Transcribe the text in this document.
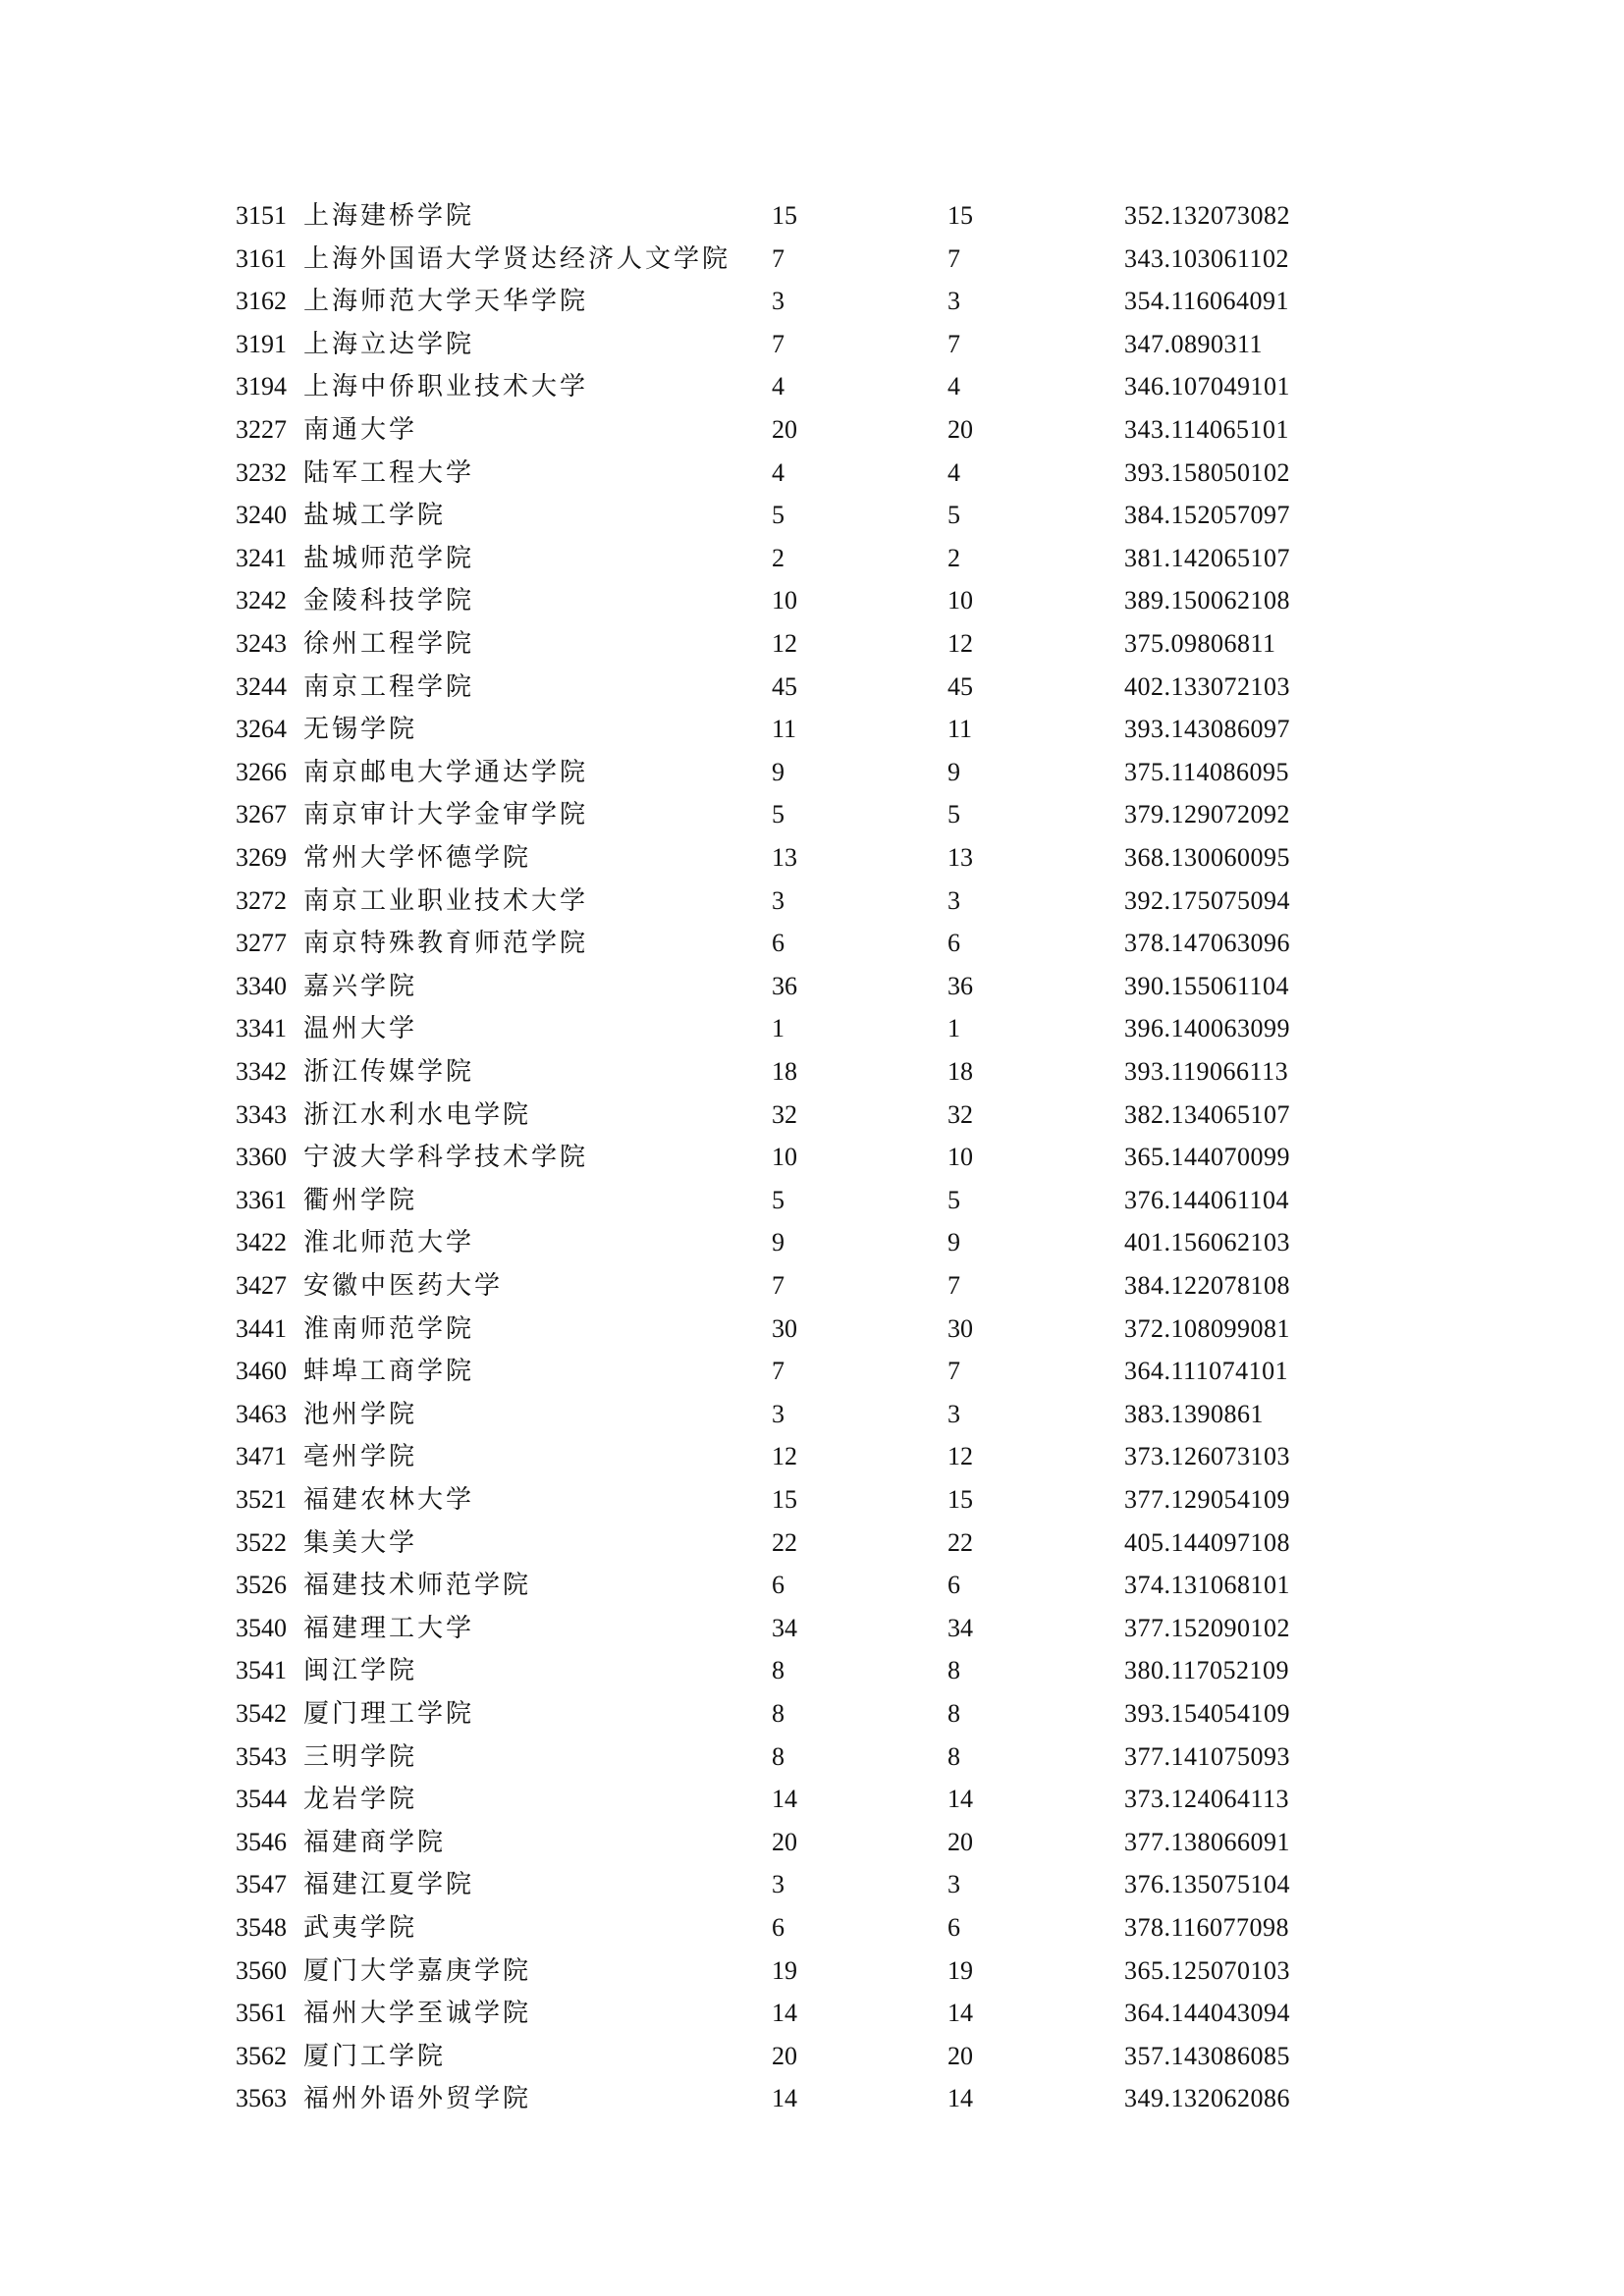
3151 上海建桥学院	15	15	352.132073082
3161 上海外国语大学贤达经济人文学院 7	7	343.103061102
3162 上海师范大学天华学院	3	3	354.116064091
3191 上海立达学院	7	7	347.0890311
3194 上海中侨职业技术大学	4	4	346.107049101
3227 南通大学	20	20	343.114065101
3232 陆军工程大学	4	4	393.158050102
3240 盐城工学院	5	5	384.152057097
3241 盐城师范学院	2	2	381.142065107
3242 金陵科技学院	10	10	389.150062108
3243 徐州工程学院	12	12	375.09806811
3244 南京工程学院	45	45	402.133072103
3264 无锡学院	11	11	393.143086097
3266 南京邮电大学通达学院	9	9	375.114086095
3267 南京审计大学金审学院	5	5	379.129072092
3269 常州大学怀德学院	13	13	368.130060095
3272 南京工业职业技术大学	3	3	392.175075094
3277 南京特殊教育师范学院	6	6	378.147063096
3340 嘉兴学院	36	36	390.155061104
3341 温州大学	1	1	396.140063099
3342 浙江传媒学院	18	18	393.119066113
3343 浙江水利水电学院	32	32	382.134065107
3360 宁波大学科学技术学院	10	10	365.144070099
3361 衢州学院	5	5	376.144061104
3422 淮北师范大学	9	9	401.156062103
3427 安徽中医药大学	7	7	384.122078108
3441 淮南师范学院	30	30	372.108099081
3460 蚌埠工商学院	7	7	364.111074101
3463 池州学院	3	3	383.1390861
3471 亳州学院	12	12	373.126073103
3521 福建农林大学	15	15	377.129054109
3522 集美大学	22	22	405.144097108
3526 福建技术师范学院	6	6	374.131068101
3540 福建理工大学	34	34	377.152090102
3541 闽江学院	8	8	380.117052109
3542 厦门理工学院	8	8	393.154054109
3543 三明学院	8	8	377.141075093
3544 龙岩学院	14	14	373.124064113
3546 福建商学院	20	20	377.138066091
3547 福建江夏学院	3	3	376.135075104
3548 武夷学院	6	6	378.116077098
3560 厦门大学嘉庚学院	19	19	365.125070103
3561 福州大学至诚学院	14	14	364.144043094
3562 厦门工学院	20	20	357.143086085
3563 福州外语外贸学院	14	14	349.132062086
